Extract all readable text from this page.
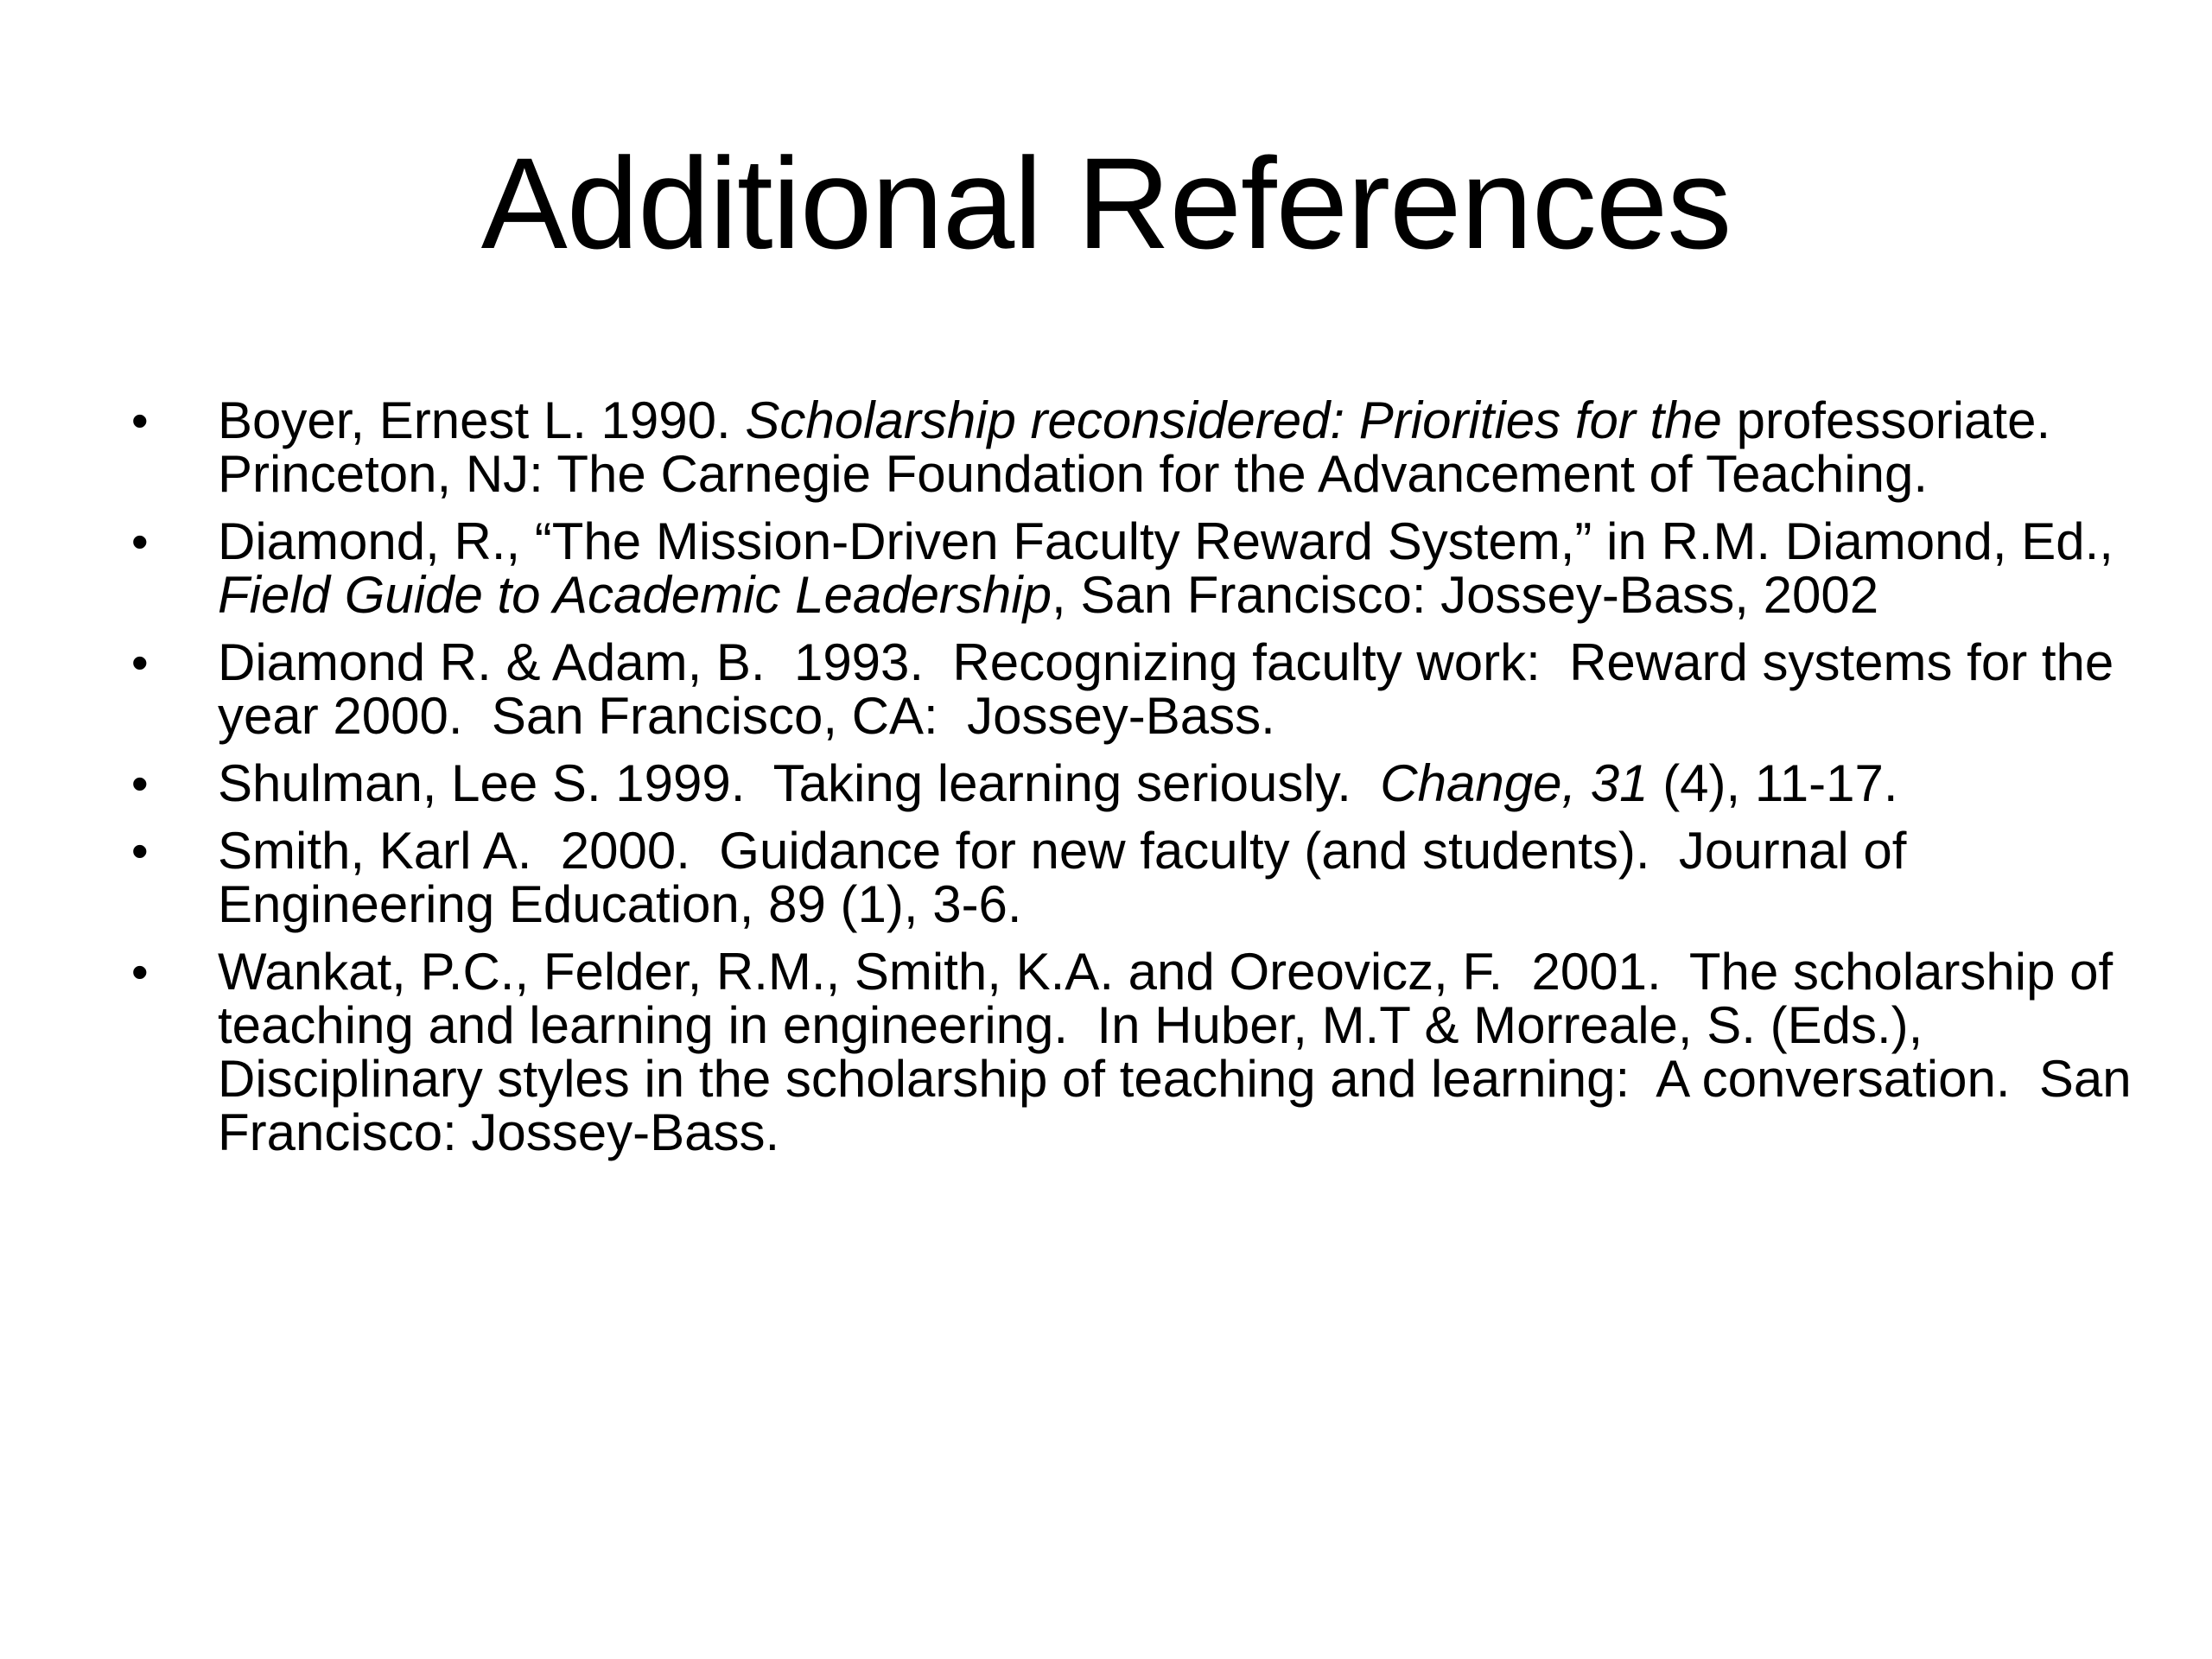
Additional References
•	Boyer, Ernest L. 1990. Scholarship reconsidered: Priorities for the professoriate. Princeton, NJ: The Carnegie Foundation for the Advancement of Teaching.
•	Diamond, R., “The Mission-Driven Faculty Reward System,” in R.M. Diamond, Ed., Field Guide to Academic Leadership, San Francisco: Jossey-Bass, 2002
•	Diamond R. & Adam, B.  1993.  Recognizing faculty work:  Reward systems for the year 2000.  San Francisco, CA:  Jossey-Bass.
•	Shulman, Lee S. 1999.  Taking learning seriously.  Change, 31 (4), 11-17.
•	Smith, Karl A.  2000.  Guidance for new faculty (and students).  Journal of Engineering Education, 89 (1), 3-6.
•	Wankat, P.C., Felder, R.M., Smith, K.A. and Oreovicz, F.  2001.  The scholarship of teaching and learning in engineering.  In Huber, M.T & Morreale, S. (Eds.), Disciplinary styles in the scholarship of teaching and learning:  A conversation.  San Francisco: Jossey-Bass.
